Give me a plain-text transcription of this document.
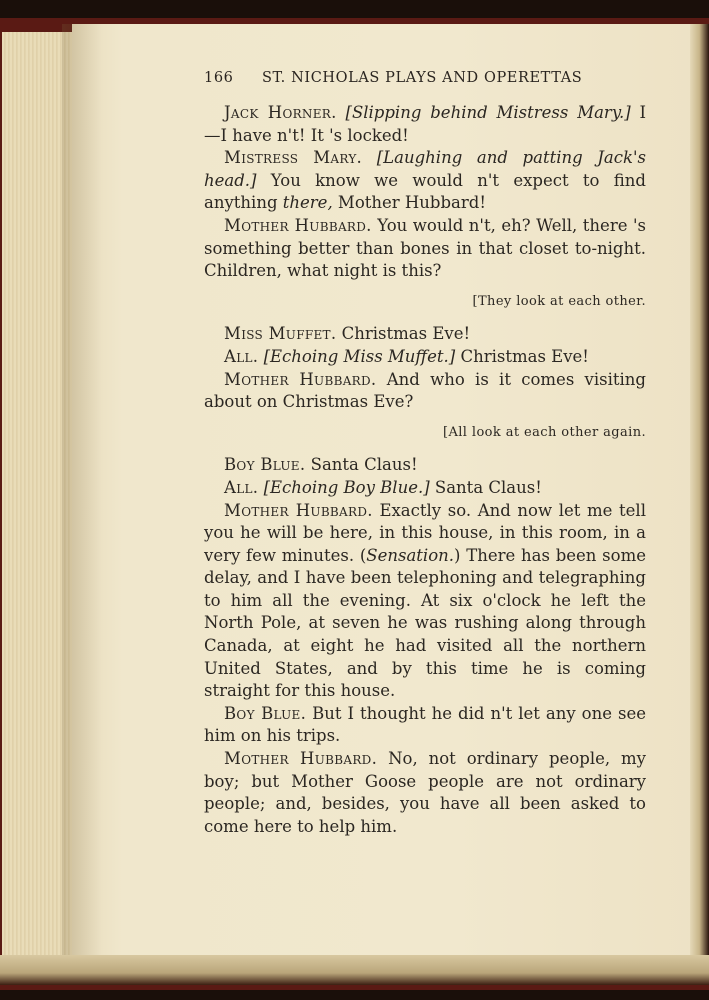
166	ST. NICHOLAS PLAYS AND OPERETTAS

Jack Horner. [Slipping behind Mistress Mary.] I —I have n't! It 's locked!

Mistress Mary. [Laughing and patting Jack's head.] You know we would n't expect to find anything there, Mother Hubbard!

Mother Hubbard. You would n't, eh? Well, there 's something better than bones in that closet to-night. Children, what night is this?

[They look at each other.

Miss Muffet. Christmas Eve!

All. [Echoing Miss Muffet.] Christmas Eve!

Mother Hubbard. And who is it comes visiting about on Christmas Eve?

[All look at each other again.

Boy Blue. Santa Claus!

All. [Echoing Boy Blue.] Santa Claus!

Mother Hubbard. Exactly so. And now let me tell you he will be here, in this house, in this room, in a very few minutes. (Sensation.) There has been some delay, and I have been telephoning and telegraphing to him all the evening. At six o'clock he left the North Pole, at seven he was rushing along through Canada, at eight he had visited all the northern United States, and by this time he is coming straight for this house.

Boy Blue. But I thought he did n't let any one see him on his trips.

Mother Hubbard. No, not ordinary people, my boy; but Mother Goose people are not ordinary people; and, besides, you have all been asked to come here to help him.
